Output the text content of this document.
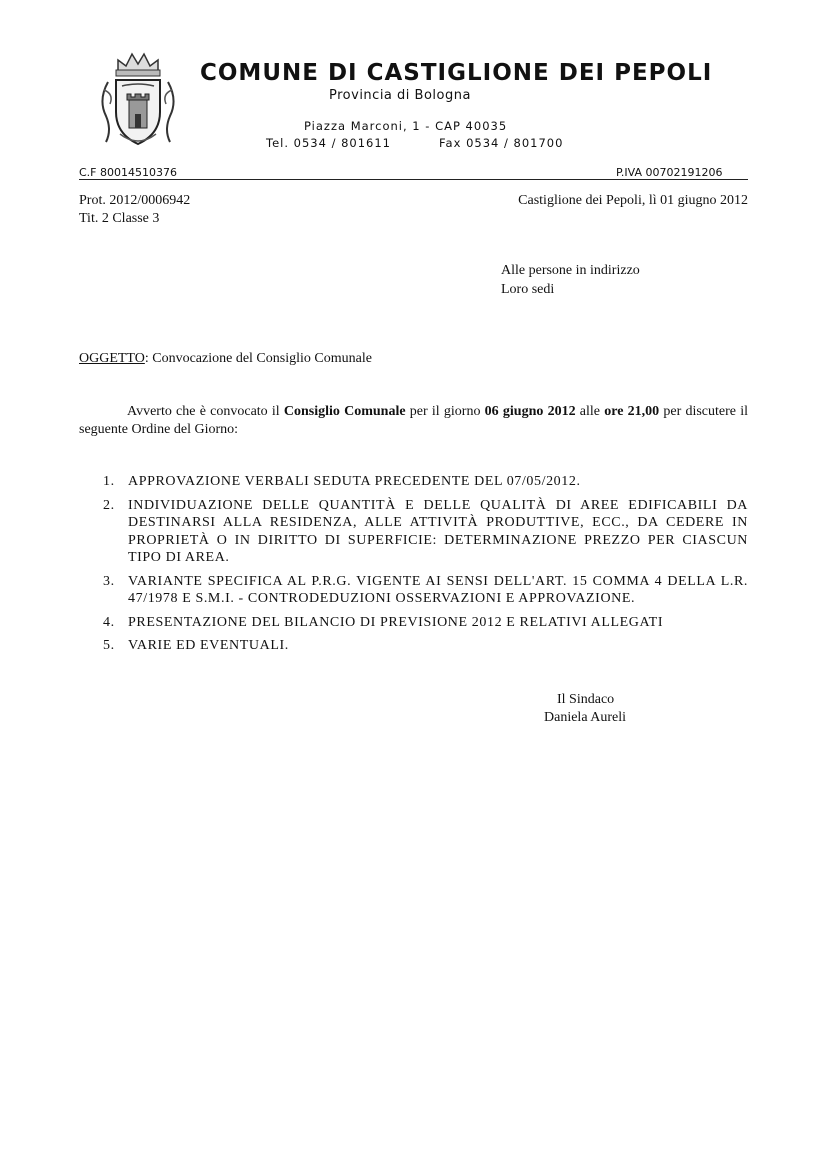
COMUNE DI CASTIGLIONE DEI PEPOLI
Provincia di Bologna
Piazza Marconi, 1 - CAP 40035
Tel. 0534 / 801611	Fax 0534 / 801700
C.F 80014510376	P.IVA 00702191206
Prot. 2012/0006942
Tit. 2 Classe 3
Castiglione dei Pepoli, lì 01 giugno 2012
Alle persone in indirizzo
Loro sedi
OGGETTO: Convocazione del Consiglio Comunale
Avverto che è convocato il Consiglio Comunale per il giorno 06 giugno 2012 alle ore 21,00 per discutere il seguente Ordine del Giorno:
1. APPROVAZIONE VERBALI SEDUTA PRECEDENTE DEL 07/05/2012.
2. INDIVIDUAZIONE DELLE QUANTITÀ E DELLE QUALITÀ DI AREE EDIFICABILI DA DESTINARSI ALLA RESIDENZA, ALLE ATTIVITÀ PRODUTTIVE, ECC., DA CEDERE IN PROPRIETÀ O IN DIRITTO DI SUPERFICIE: DETERMINAZIONE PREZZO PER CIASCUN TIPO DI AREA.
3. VARIANTE SPECIFICA AL P.R.G. VIGENTE AI SENSI DELL'ART. 15 COMMA 4 DELLA L.R. 47/1978 E S.M.I. - CONTRODEDUZIONI OSSERVAZIONI E APPROVAZIONE.
4. PRESENTAZIONE DEL BILANCIO DI PREVISIONE 2012 E RELATIVI ALLEGATI
5. VARIE ED EVENTUALI.
Il Sindaco
Daniela Aureli
